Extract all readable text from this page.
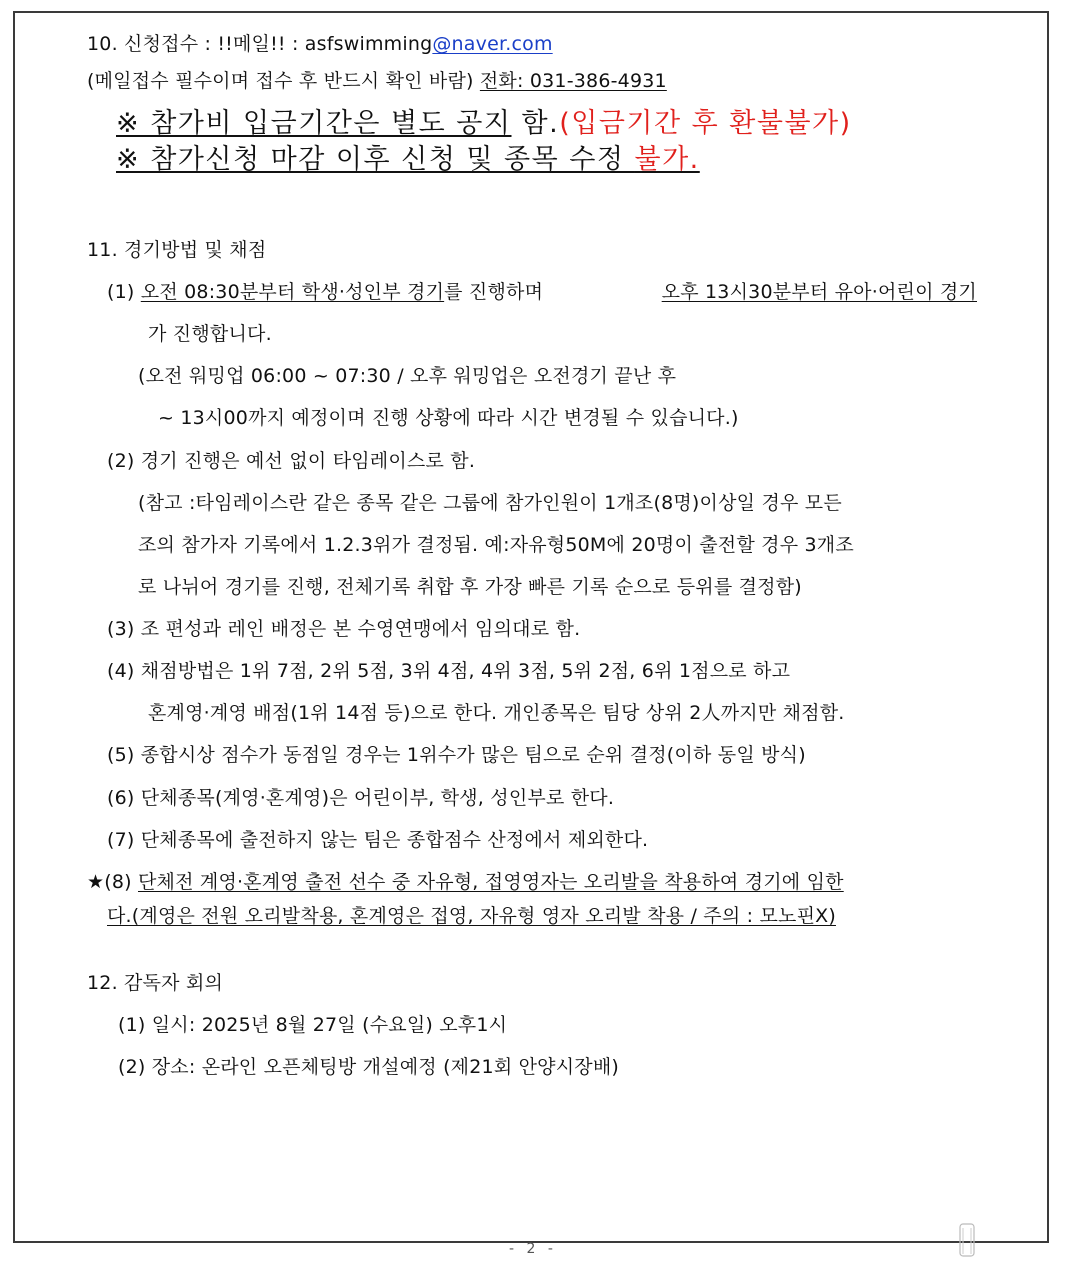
10. 신청접수 : !!메일!! : asfswimming@naver.com
(메일접수 필수이며 접수 후 반드시 확인 바람) 전화: 031-386-4931
※ 참가비 입금기간은 별도 공지 함.(입금기간 후 환불불가)
※ 참가신청 마감 이후 신청 및 종목 수정 불가.
11. 경기방법 및 채점
(1) 오전 08:30분부터 학생·성인부 경기를 진행하며	오후 13시30분부터 유아·어린이 경기
가 진행합니다.
(오전 워밍업 06:00 ~ 07:30 / 오후 워밍업은 오전경기 끝난 후
~ 13시00까지 예정이며 진행 상황에 따라 시간 변경될 수 있습니다.)
(2) 경기 진행은 예선 없이 타임레이스로 함.
(참고 :타임레이스란 같은 종목 같은 그룹에 참가인원이 1개조(8명)이상일 경우 모든
조의 참가자 기록에서 1.2.3위가 결정됨. 예:자유형50M에 20명이 출전할 경우 3개조
로 나뉘어 경기를 진행, 전체기록 취합 후 가장 빠른 기록 순으로 등위를 결정함)
(3) 조 편성과 레인 배정은 본 수영연맹에서 임의대로 함.
(4) 채점방법은 1위 7점, 2위 5점, 3위 4점, 4위 3점, 5위 2점, 6위 1점으로 하고
혼계영·계영 배점(1위 14점 등)으로 한다. 개인종목은 팀당 상위 2人까지만 채점함.
(5) 종합시상 점수가 동점일 경우는 1위수가 많은 팀으로 순위 결정(이하 동일 방식)
(6) 단체종목(계영·혼계영)은 어린이부, 학생, 성인부로 한다.
(7) 단체종목에 출전하지 않는 팀은 종합점수 산정에서 제외한다.
★(8) 단체전 계영·혼계영 출전 선수 중 자유형, 접영영자는 오리발을 착용하여 경기에 임한
다.(계영은 전원 오리발착용, 혼계영은 접영, 자유형 영자 오리발 착용 / 주의 : 모노핀X)
12. 감독자 회의
(1) 일시: 2025년 8월 27일 (수요일) 오후1시
(2) 장소: 온라인 오픈체팅방 개설예정 (제21회 안양시장배)
- 2 -
